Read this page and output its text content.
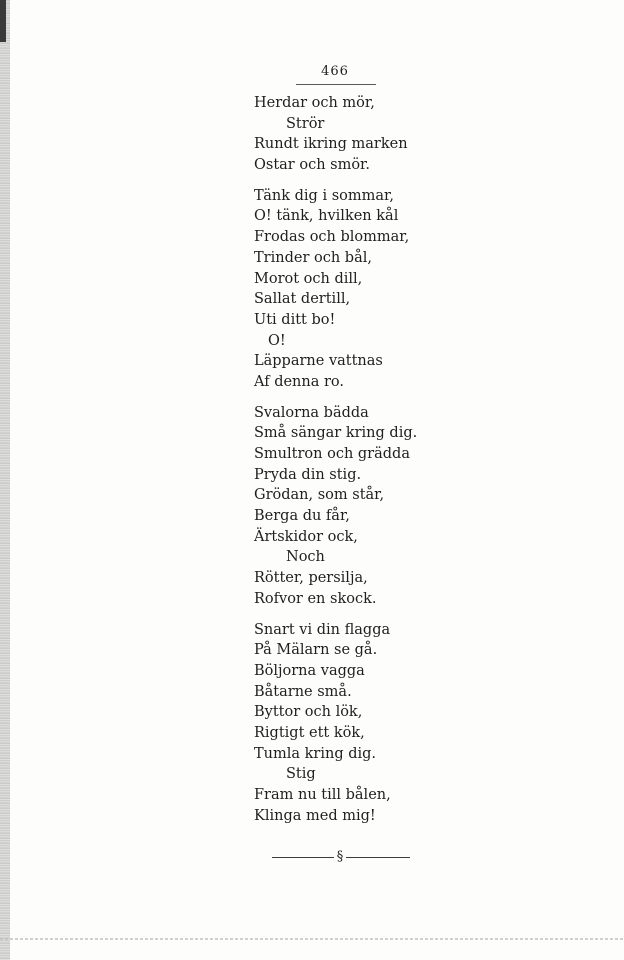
466
Herdar och mör,
Strör
Rundt ikring marken
Ostar och smör.
Tänk dig i sommar,
O! tänk, hvilken kål
Frodas och blommar,
Trinder och bål,
Morot och dill,
Sallat dertill,
Uti ditt bo!
O!
Läpparne vattnas
Af denna ro.
Svalorna bädda
Små sängar kring dig.
Smultron och grädda
Pryda din stig.
Grödan, som står,
Berga du får,
Ärtskidor ock,
Noch
Rötter, persilja,
Rofvor en skock.
Snart vi din flagga
På Mälarn se gå.
Böljorna vagga
Båtarne små.
Byttor och lök,
Rigtigt ett kök,
Tumla kring dig.
Stig
Fram nu till bålen,
Klinga med mig!
§
